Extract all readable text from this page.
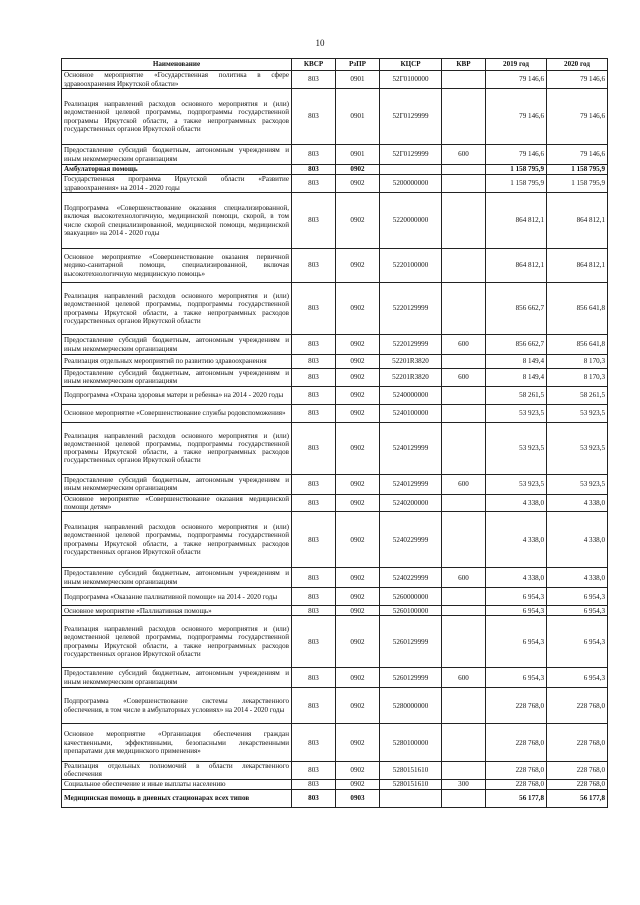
10
Наименование	КВСР	РзПР	КЦСР	КВР	2019 год	2020 год
Основное мероприятие «Государственная политика в сфере здравоохранения Иркутской области»	803	0901	52Г0100000		79 146,6	79 146,6
Реализация направлений расходов основного мероприятия и (или) ведомственной целевой программы, подпрограммы государственной программы Иркутской области, а также непрограммных расходов государственных органов Иркутской области	803	0901	52Г0129999		79 146,6	79 146,6
Предоставление субсидий бюджетным, автономным учреждениям и иным некоммерческим организациям	803	0901	52Г0129999	600	79 146,6	79 146,6
Амбулаторная помощь	803	0902			1 158 795,9	1 158 795,9
Государственная программа Иркутской области «Развитие здравоохранения» на 2014 - 2020 годы	803	0902	5200000000		1 158 795,9	1 158 795,9
Подпрограмма «Совершенствование оказания специализированной, включая высокотехнологичную, медицинской помощи, скорой, в том числе скорой специализированной, медицинской помощи, медицинской эвакуации» на 2014 - 2020 годы	803	0902	5220000000		864 812,1	864 812,1
Основное мероприятие «Совершенствование оказания первичной медико-санитарной помощи, специализированной, включая высокотехнологичную медицинскую помощь»	803	0902	5220100000		864 812,1	864 812,1
Реализация направлений расходов основного мероприятия и (или) ведомственной целевой программы, подпрограммы государственной программы Иркутской области, а также непрограммных расходов государственных органов Иркутской области	803	0902	5220129999		856 662,7	856 641,8
Предоставление субсидий бюджетным, автономным учреждениям и иным некоммерческим организациям	803	0902	5220129999	600	856 662,7	856 641,8
Реализация отдельных мероприятий по развитию здравоохранения	803	0902	52201R3820		8 149,4	8 170,3
Предоставление субсидий бюджетным, автономным учреждениям и иным некоммерческим организациям	803	0902	52201R3820	600	8 149,4	8 170,3
Подпрограмма «Охрана здоровья матери и ребенка» на 2014 - 2020 годы	803	0902	5240000000		58 261,5	58 261,5
Основное мероприятие «Совершенствование службы родовспоможения»	803	0902	5240100000		53 923,5	53 923,5
Реализация направлений расходов основного мероприятия и (или) ведомственной целевой программы, подпрограммы государственной программы Иркутской области, а также непрограммных расходов государственных органов Иркутской области	803	0902	5240129999		53 923,5	53 923,5
Предоставление субсидий бюджетным, автономным учреждениям и иным некоммерческим организациям	803	0902	5240129999	600	53 923,5	53 923,5
Основное мероприятие «Совершенствование оказания медицинской помощи детям»	803	0902	5240200000		4 338,0	4 338,0
Реализация направлений расходов основного мероприятия и (или) ведомственной целевой программы, подпрограммы государственной программы Иркутской области, а также непрограммных расходов государственных органов Иркутской области	803	0902	5240229999		4 338,0	4 338,0
Предоставление субсидий бюджетным, автономным учреждениям и иным некоммерческим организациям	803	0902	5240229999	600	4 338,0	4 338,0
Подпрограмма «Оказание паллиативной помощи» на 2014 - 2020 годы	803	0902	5260000000		6 954,3	6 954,3
Основное мероприятие «Паллиативная помощь»	803	0902	5260100000		6 954,3	6 954,3
Реализация направлений расходов основного мероприятия и (или) ведомственной целевой программы, подпрограммы государственной программы Иркутской области, а также непрограммных расходов государственных органов Иркутской области	803	0902	5260129999		6 954,3	6 954,3
Предоставление субсидий бюджетным, автономным учреждениям и иным некоммерческим организациям	803	0902	5260129999	600	6 954,3	6 954,3
Подпрограмма «Совершенствование системы лекарственного обеспечения, в том числе в амбулаторных условиях» на 2014 - 2020 годы	803	0902	5280000000		228 768,0	228 768,0
Основное мероприятие «Организация обеспечения граждан качественными, эффективными, безопасными лекарственными препаратами для медицинского применения»	803	0902	5280100000		228 768,0	228 768,0
Реализация отдельных полномочий в области лекарственного обеспечения	803	0902	5280151610		228 768,0	228 768,0
Социальное обеспечение и иные выплаты населению	803	0902	5280151610	300	228 768,0	228 768,0
Медицинская помощь в дневных стационарах всех типов	803	0903			56 177,8	56 177,8
